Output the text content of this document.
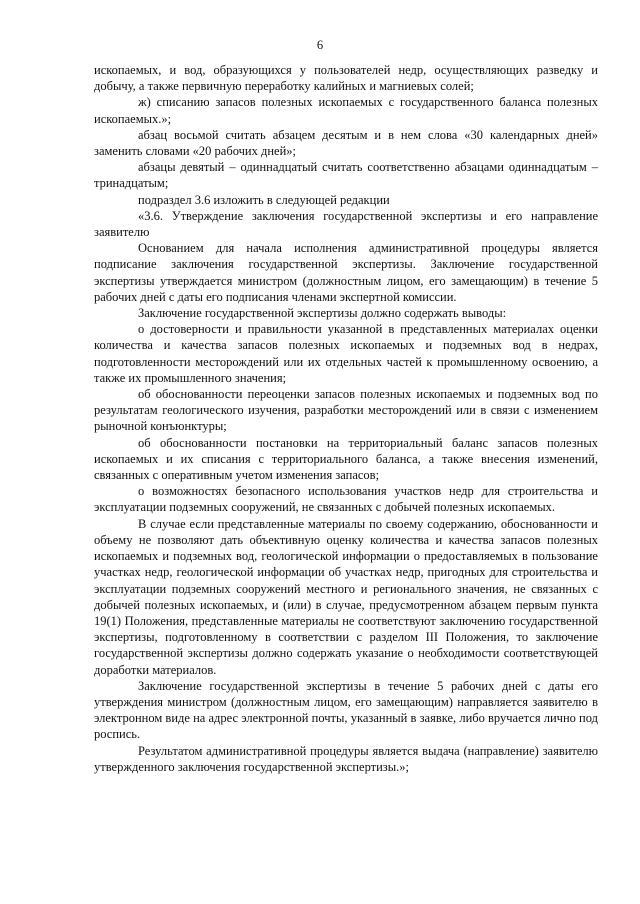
6

ископаемых, и вод, образующихся у пользователей недр, осуществляющих разведку и добычу, а также первичную переработку калийных и магниевых солей;

ж) списанию запасов полезных ископаемых с государственного баланса полезных ископаемых.»;

абзац восьмой считать абзацем десятым и в нем слова «30 календарных дней» заменить словами «20 рабочих дней»;

абзацы девятый – одиннадцатый считать соответственно абзацами одиннадцатым – тринадцатым;

подраздел 3.6 изложить в следующей редакции

«3.6. Утверждение заключения государственной экспертизы и его направление заявителю

Основанием для начала исполнения административной процедуры является подписание заключения государственной экспертизы. Заключение государственной экспертизы утверждается министром (должностным лицом, его замещающим) в течение 5 рабочих дней с даты его подписания членами экспертной комиссии.

Заключение государственной экспертизы должно содержать выводы:

о достоверности и правильности указанной в представленных материалах оценки количества и качества запасов полезных ископаемых и подземных вод в недрах, подготовленности месторождений или их отдельных частей к промышленному освоению, а также их промышленного значения;

об обоснованности переоценки запасов полезных ископаемых и подземных вод по результатам геологического изучения, разработки месторождений или в связи с изменением рыночной конъюнктуры;

об обоснованности постановки на территориальный баланс запасов полезных ископаемых и их списания с территориального баланса, а также внесения изменений, связанных с оперативным учетом изменения запасов;

о возможностях безопасного использования участков недр для строительства и эксплуатации подземных сооружений, не связанных с добычей полезных ископаемых.

В случае если представленные материалы по своему содержанию, обоснованности и объему не позволяют дать объективную оценку количества и качества запасов полезных ископаемых и подземных вод, геологической информации о предоставляемых в пользование участках недр, геологической информации об участках недр, пригодных для строительства и эксплуатации подземных сооружений местного и регионального значения, не связанных с добычей полезных ископаемых, и (или) в случае, предусмотренном абзацем первым пункта 19(1) Положения, представленные материалы не соответствуют заключению государственной экспертизы, подготовленному в соответствии с разделом III Положения, то заключение государственной экспертизы должно содержать указание о необходимости соответствующей доработки материалов.

Заключение государственной экспертизы в течение 5 рабочих дней с даты его утверждения министром (должностным лицом, его замещающим) направляется заявителю в электронном виде на адрес электронной почты, указанный в заявке, либо вручается лично под роспись.

Результатом административной процедуры является выдача (направление) заявителю утвержденного заключения государственной экспертизы.»;
